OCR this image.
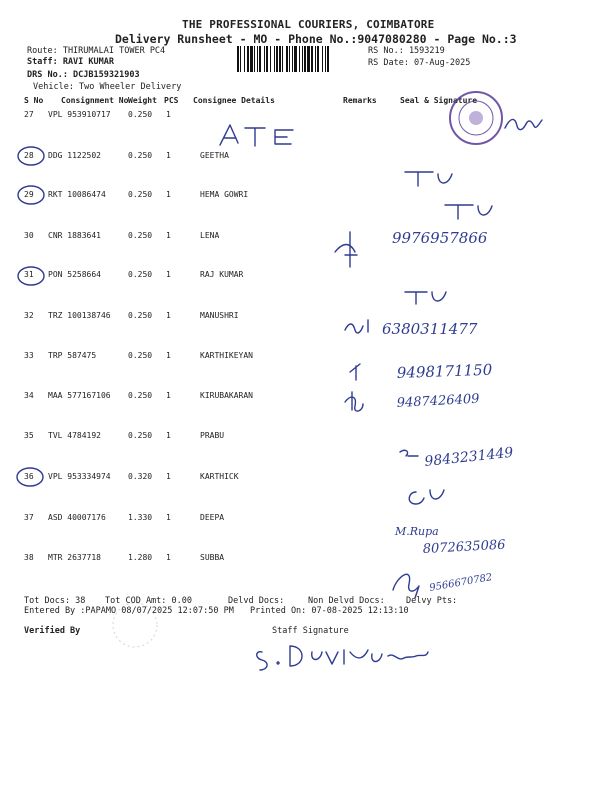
THE PROFESSIONAL COURIERS, COIMBATORE
Delivery Runsheet - MO - Phone No.:9047080280 - Page No.:3
Route: THIRUMALAI TOWER PC4
Staff: RAVI KUMAR
DRS No.: DCJB159321903
Vehicle: Two Wheeler Delivery
RS No.: 1593219
RS Date: 07-Aug-2025
S No Consignment No Weight PCS Consignee Details	Remarks	Seal & Signature
27 VPL 953910717 0.250 1
28 DDG 1122502	0.250 1	GEETHA
29 RKT 10086474	0.250 1	HEMA GOWRI
30 CNR 1883641	0.250 1	LENA
31 PON 5258664	0.250 1	RAJ KUMAR
32 TRZ 100138746 0.250 1	MANUSHRI
33 TRP 587475	0.250 1	KARTHIKEYAN
34 MAA 577167106 0.250 1	KIRUBAKARAN
35 TVL 4784192	0.250 1	PRABU
36 VPL 953334974 0.320 1	KARTHICK
37 ASD 40007176	1.330 1	DEEPA
38 MTR 2637718	1.280 1	SUBBA
Tot Docs: 38 Tot COD Amt: 0.00	Delvd Docs:	Non Delvd Docs: Delvy Pts:
Entered By :PAPAMO 08/07/2025 12:07:50 PM Printed On: 07-08-2025 12:13:10
Verified By	Staff Signature
9976957866
6380311477
9498171150
9487426409
9843231449
M.Rupa
8072635086
9566670782
